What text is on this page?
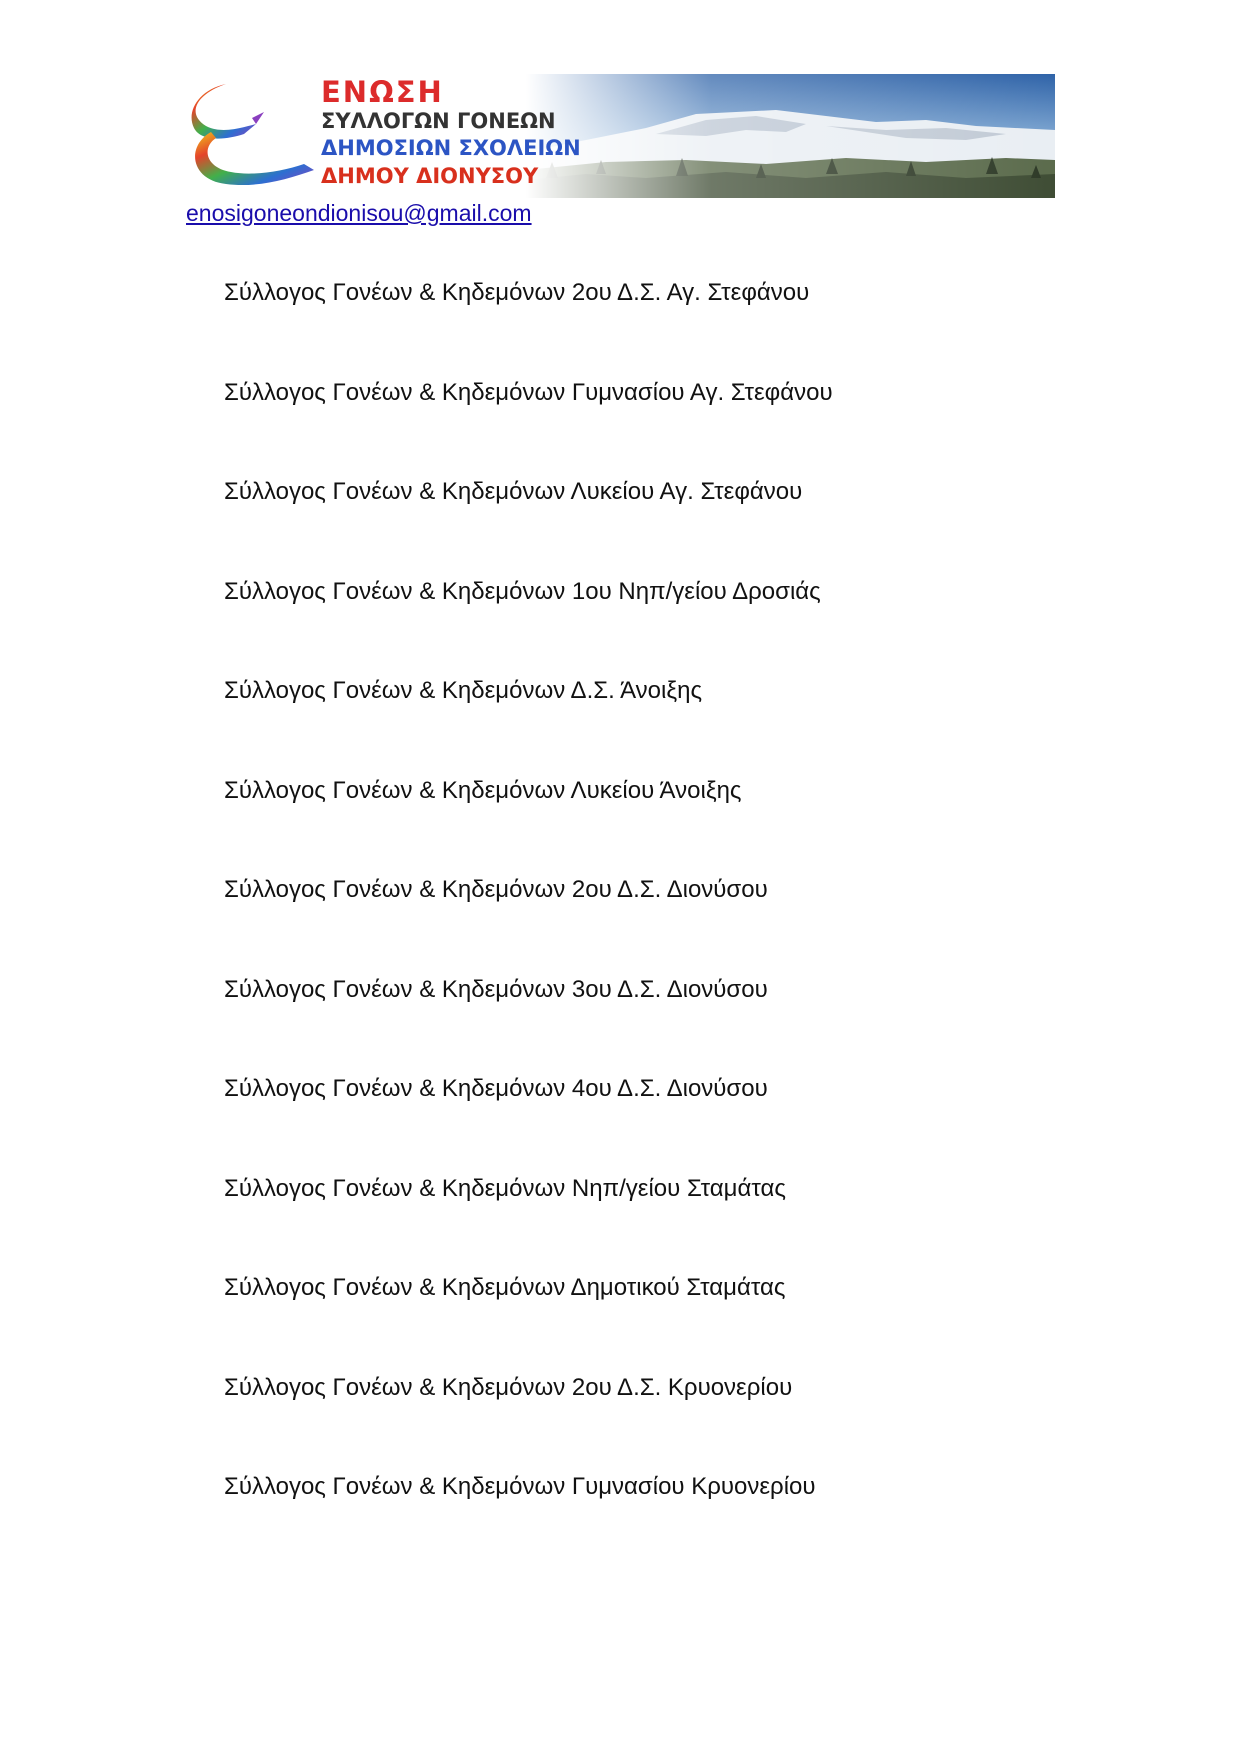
ΕΝΩΣΗ
ΣΥΛΛΟΓΩΝ ΓΟΝΕΩΝ
ΔΗΜΟΣΙΩΝ ΣΧΟΛΕΙΩΝ
ΔΗΜΟΥ ΔΙΟΝΥΣΟΥ
enosigoneondionisou@gmail.com
Σύλλογος Γονέων & Κηδεμόνων 2ου Δ.Σ. Αγ. Στεφάνου
Σύλλογος Γονέων & Κηδεμόνων Γυμνασίου Αγ. Στεφάνου
Σύλλογος Γονέων & Κηδεμόνων Λυκείου Αγ. Στεφάνου
Σύλλογος Γονέων & Κηδεμόνων 1ου Νηπ/γείου Δροσιάς
Σύλλογος Γονέων & Κηδεμόνων Δ.Σ. Άνοιξης
Σύλλογος Γονέων & Κηδεμόνων Λυκείου Άνοιξης
Σύλλογος Γονέων & Κηδεμόνων 2ου Δ.Σ. Διονύσου
Σύλλογος Γονέων & Κηδεμόνων 3ου Δ.Σ. Διονύσου
Σύλλογος Γονέων & Κηδεμόνων 4ου Δ.Σ. Διονύσου
Σύλλογος Γονέων & Κηδεμόνων Νηπ/γείου Σταμάτας
Σύλλογος Γονέων & Κηδεμόνων Δημοτικού Σταμάτας
Σύλλογος Γονέων & Κηδεμόνων 2ου Δ.Σ. Κρυονερίου
Σύλλογος Γονέων & Κηδεμόνων Γυμνασίου Κρυονερίου
